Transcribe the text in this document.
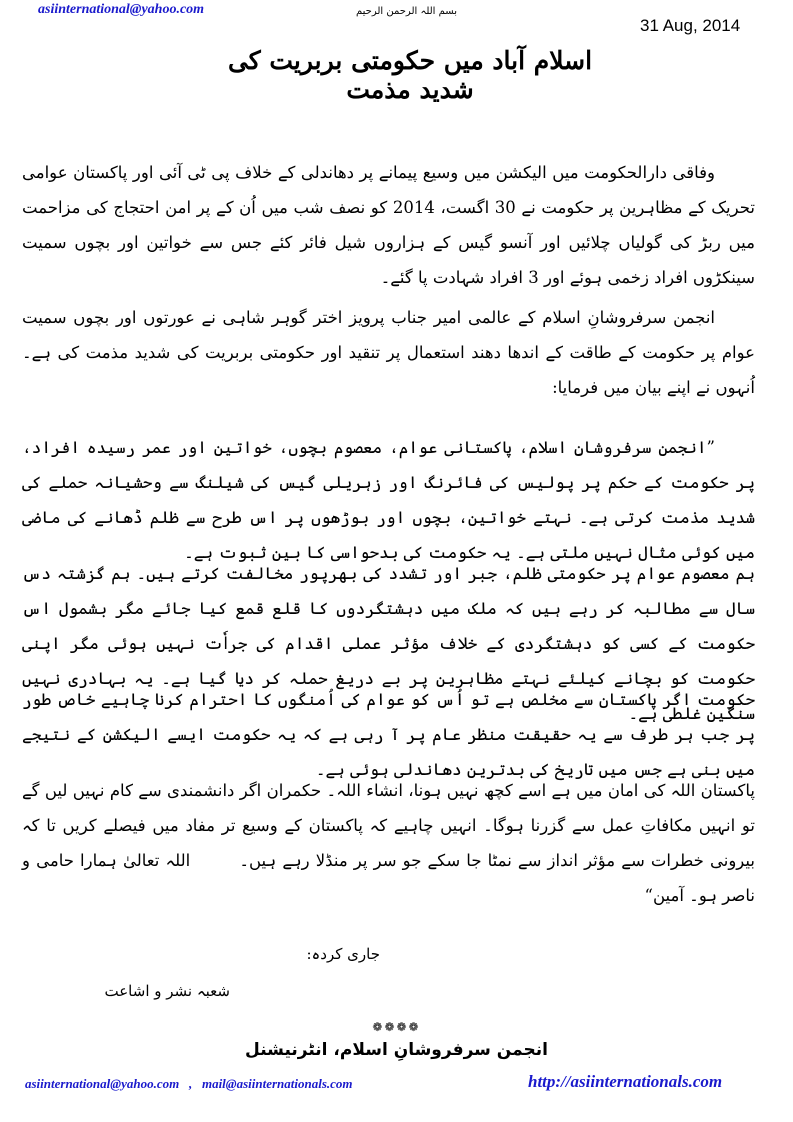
asiinternational@yahoo.com	بسم اللہ الرحمن الرحیم
31 Aug, 2014
اسلام آباد میں حکومتی بربریت کی شدید مذمت

وفاقی دارالحکومت میں الیکشن میں وسیع پیمانے پر دھاندلی کے خلاف پی ٹی آئی اور پاکستان عوامی تحریک کے مظاہرین پر حکومت نے 30 اگست، 2014 کو نصف شب میں اُن کے پر امن احتجاج کی مزاحمت میں ربڑ کی گولیاں چلائیں اور آنسو گیس کے ہزاروں شیل فائر کئے جس سے خواتین اور بچوں سمیت سینکڑوں افراد زخمی ہوئے اور 3 افراد شہادت پا گئے۔

انجمن سرفروشانِ اسلام کے عالمی امیر جناب پرویز اختر گوہر شاہی نے عورتوں اور بچوں سمیت عوام پر حکومت کے طاقت کے اندھا دھند استعمال پر تنقید اور حکومتی بربریت کی شدید مذمت کی ہے۔ اُنہوں نے اپنے بیان میں فرمایا:

”انجمن سرفروشانِ اسلام، پاکستانی عوام، معصوم بچوں، خواتین اور عمر رسیدہ افراد، پر حکومت کے حکم پر پولیس کی فائرنگ اور زہریلی گیس کی شیلنگ سے وحشیانہ حملے کی شدید مذمت کرتی ہے۔ نہتے خواتین، بچوں اور بوڑھوں پر اس طرح سے ظلم ڈھانے کی ماضی میں کوئی مثال نہیں ملتی ہے۔ یہ حکومت کی بدحواسی کا بین ثبوت ہے۔

ہم معصوم عوام پر حکومتی ظلم، جبر اور تشدد کی بھرپور مخالفت کرتے ہیں۔ ہم گزشتہ دس سال سے مطالبہ کر رہے ہیں کہ ملک میں دہشتگردوں کا قلع قمع کیا جائے مگر بشمول اس حکومت کے کسی کو دہشتگردی کے خلاف مؤثر عملی اقدام کی جراٗت نہیں ہوئی مگر اپنی حکومت کو بچانے کیلئے نہتے مظاہرین پر بے دریغ حملہ کر دیا گیا ہے۔ یہ بہادری نہیں سنگین غلطی ہے۔

حکومت اگر پاکستان سے مخلص ہے تو اُس کو عوام کی اُمنگوں کا احترام کرنا چاہیے خاص طور پر جب ہر طرف سے یہ حقیقت منظر عام پر آ رہی ہے کہ یہ حکومت ایسے الیکشن کے نتیجے میں بنی ہے جس میں تاریخ کی بدترین دھاندلی ہوئی ہے۔

پاکستان اللہ کی امان میں ہے اسے کچھ نہیں ہونا، انشاء اللہ۔ حکمران اگر دانشمندی سے کام نہیں لیں گے تو انہیں مکافاتِ عمل سے گزرنا ہوگا۔ انہیں چاہیے کہ پاکستان کے وسیع تر مفاد میں فیصلے کریں تا کہ بیرونی خطرات سے مؤثر انداز سے نمٹا جا سکے جو سر پر منڈلا رہے ہیں۔        اللہ تعالیٰ ہمارا حامی و ناصر ہو۔ آمین“

جاری کردہ:
شعبہ نشر و اشاعت
❁❁❁❁
انجمن سرفروشانِ اسلام، انٹرنیشنل
asiinternational@yahoo.com , mail@asiinternationals.com	http://asiinternationals.com
